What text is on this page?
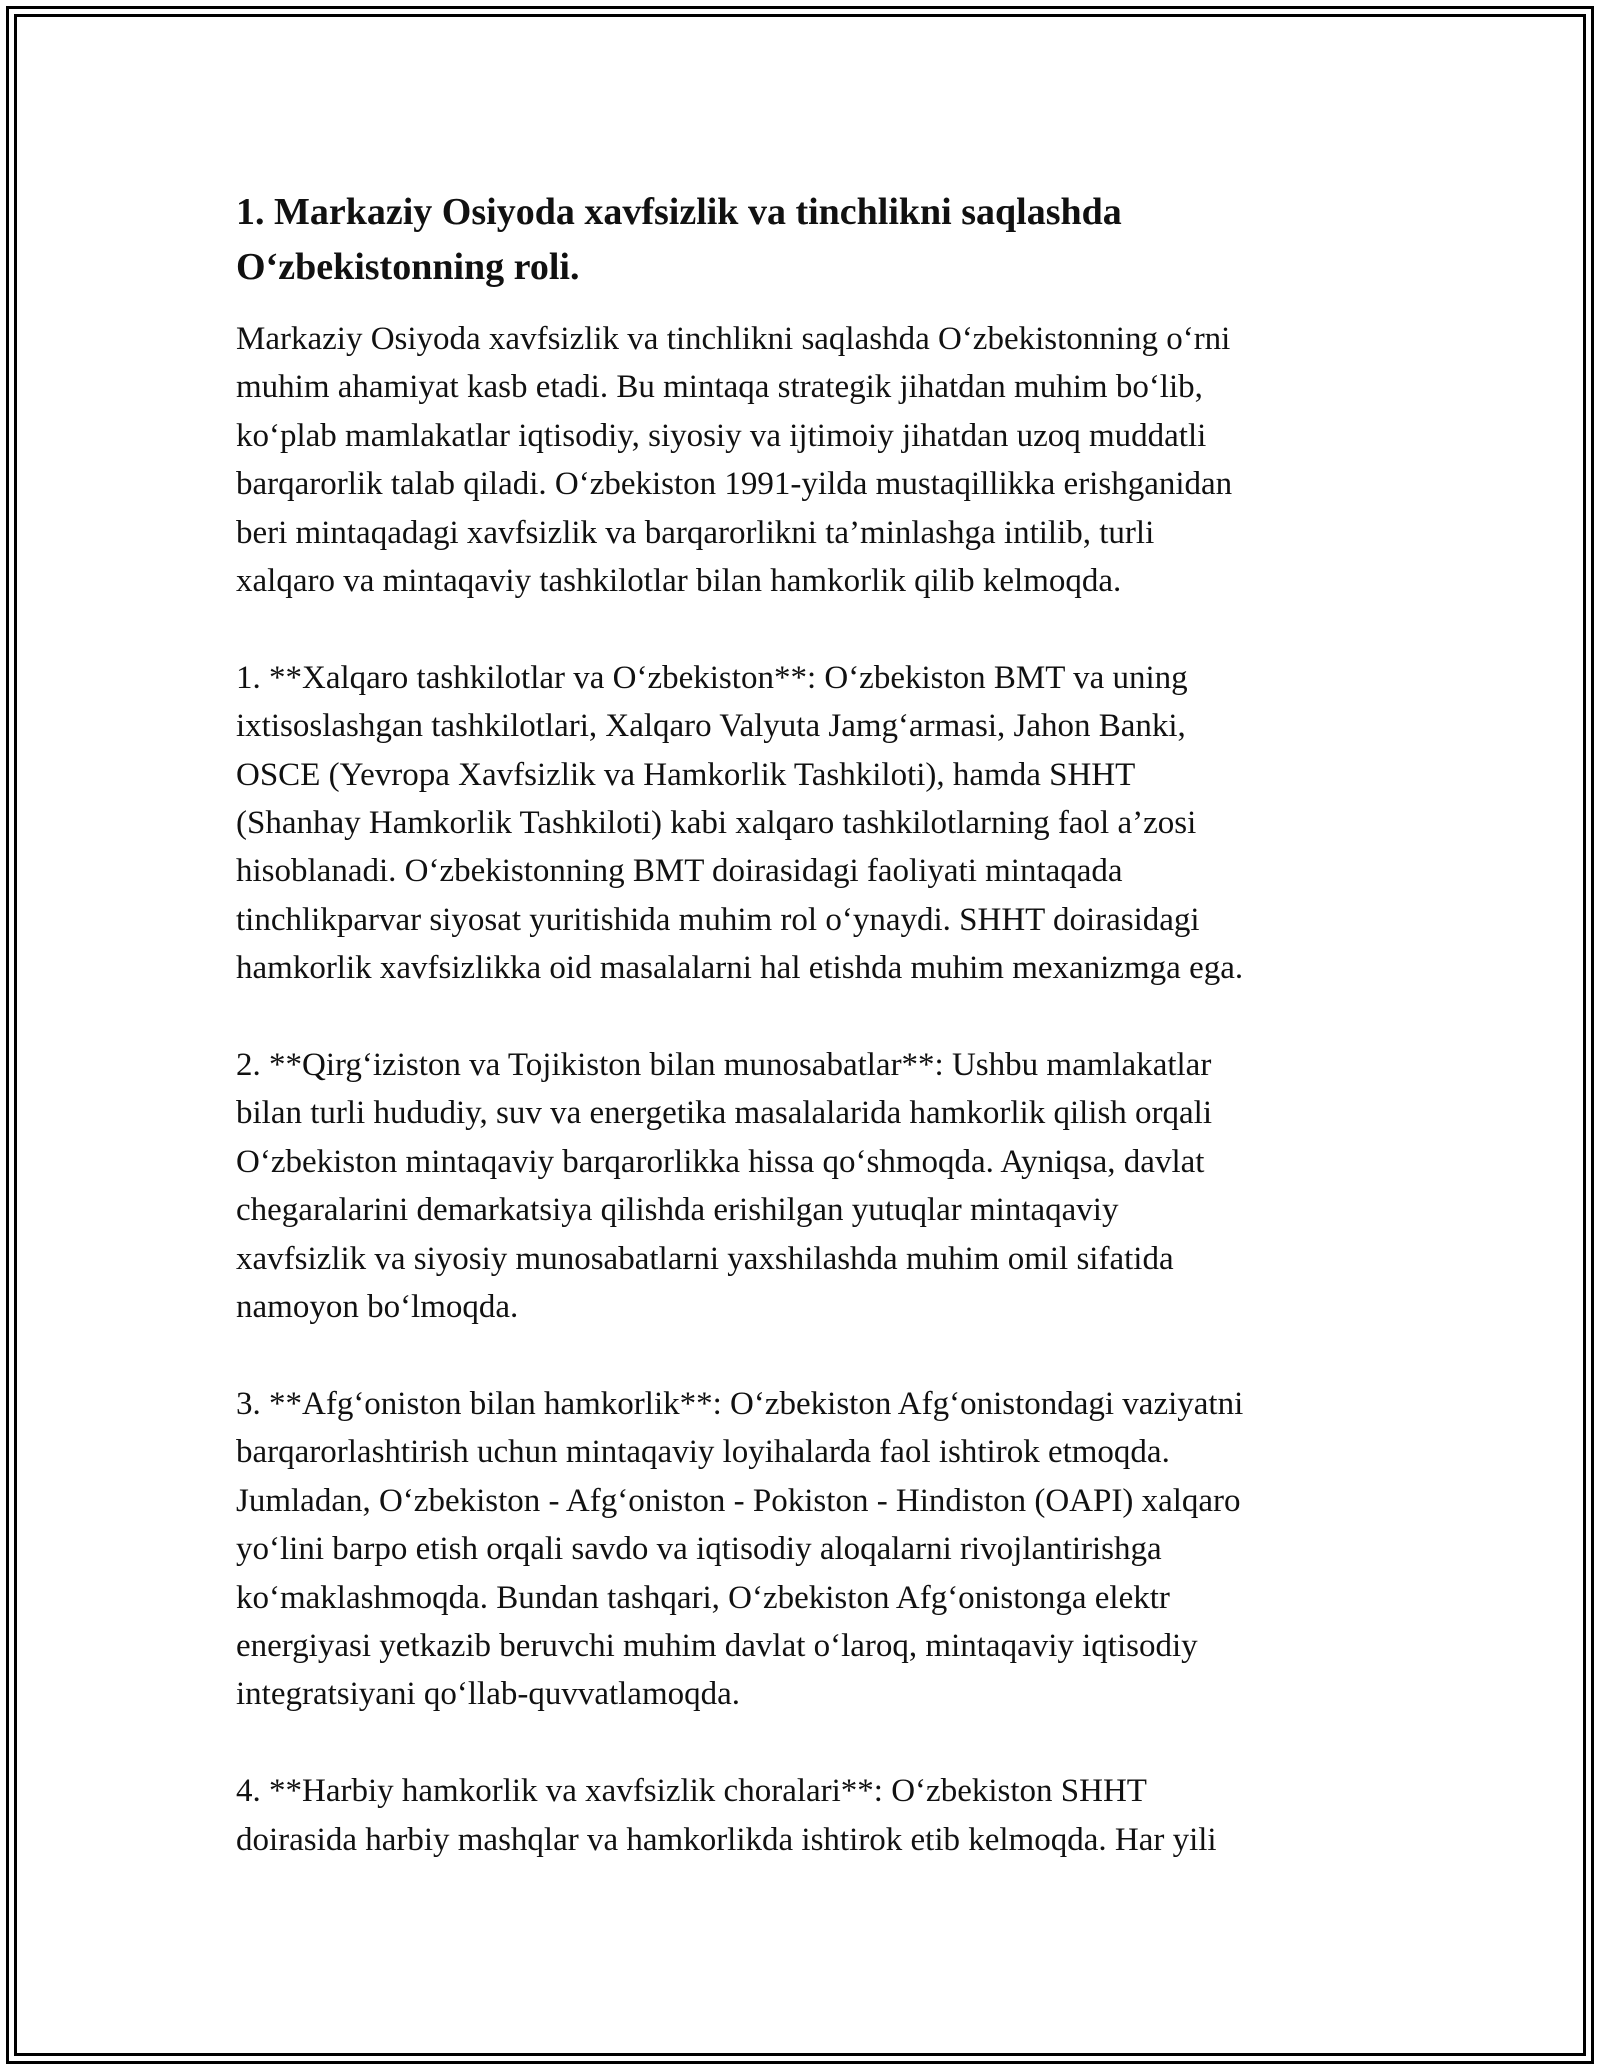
1. Markaziy Osiyoda xavfsizlik va tinchlikni saqlashda
O‘zbekistonning roli.

Markaziy Osiyoda xavfsizlik va tinchlikni saqlashda O‘zbekistonning o‘rni
muhim ahamiyat kasb etadi. Bu mintaqa strategik jihatdan muhim bo‘lib,
ko‘plab mamlakatlar iqtisodiy, siyosiy va ijtimoiy jihatdan uzoq muddatli
barqarorlik talab qiladi. O‘zbekiston 1991-yilda mustaqillikka erishganidan
beri mintaqadagi xavfsizlik va barqarorlikni ta’minlashga intilib, turli
xalqaro va mintaqaviy tashkilotlar bilan hamkorlik qilib kelmoqda.

1. **Xalqaro tashkilotlar va O‘zbekiston**: O‘zbekiston BMT va uning
ixtisoslashgan tashkilotlari, Xalqaro Valyuta Jamg‘armasi, Jahon Banki,
OSCE (Yevropa Xavfsizlik va Hamkorlik Tashkiloti), hamda SHHT
(Shanhay Hamkorlik Tashkiloti) kabi xalqaro tashkilotlarning faol a’zosi
hisoblanadi. O‘zbekistonning BMT doirasidagi faoliyati mintaqada
tinchlikparvar siyosat yuritishida muhim rol o‘ynaydi. SHHT doirasidagi
hamkorlik xavfsizlikka oid masalalarni hal etishda muhim mexanizmga ega.

2. **Qirg‘iziston va Tojikiston bilan munosabatlar**: Ushbu mamlakatlar
bilan turli hududiy, suv va energetika masalalarida hamkorlik qilish orqali
O‘zbekiston mintaqaviy barqarorlikka hissa qo‘shmoqda. Ayniqsa, davlat
chegaralarini demarkatsiya qilishda erishilgan yutuqlar mintaqaviy
xavfsizlik va siyosiy munosabatlarni yaxshilashda muhim omil sifatida
namoyon bo‘lmoqda.

3. **Afg‘oniston bilan hamkorlik**: O‘zbekiston Afg‘onistondagi vaziyatni
barqarorlashtirish uchun mintaqaviy loyihalarda faol ishtirok etmoqda.
Jumladan, O‘zbekiston - Afg‘oniston - Pokiston - Hindiston (OAPI) xalqaro
yo‘lini barpo etish orqali savdo va iqtisodiy aloqalarni rivojlantirishga
ko‘maklashmoqda. Bundan tashqari, O‘zbekiston Afg‘onistonga elektr
energiyasi yetkazib beruvchi muhim davlat o‘laroq, mintaqaviy iqtisodiy
integratsiyani qo‘llab-quvvatlamoqda.

4. **Harbiy hamkorlik va xavfsizlik choralari**: O‘zbekiston SHHT
doirasida harbiy mashqlar va hamkorlikda ishtirok etib kelmoqda. Har yili
